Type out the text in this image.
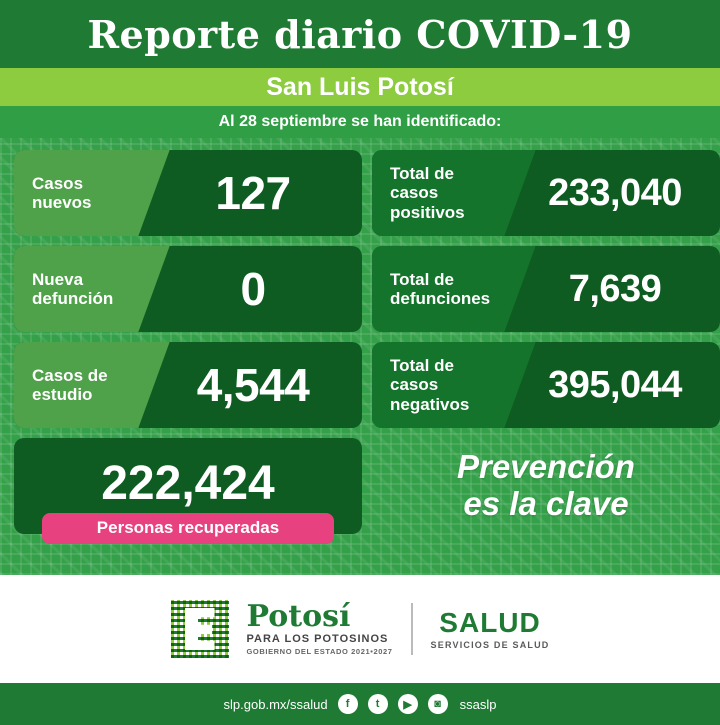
Reporte diario COVID-19
San Luis Potosí
Al 28 septiembre se han identificado:
Casos nuevos	127	Total de casos positivos	233,040
Nueva defunción	0	Total de defunciones	7,639
Casos de estudio	4,544	Total de casos negativos	395,044
222,424
Personas recuperadas
Prevención
es la clave
Potosí
PARA LOS POTOSINOS
GOBIERNO DEL ESTADO 2021•2027
SALUD
SERVICIOS DE SALUD
slp.gob.mx/ssalud	f	t	▶	◙	ssaslp
